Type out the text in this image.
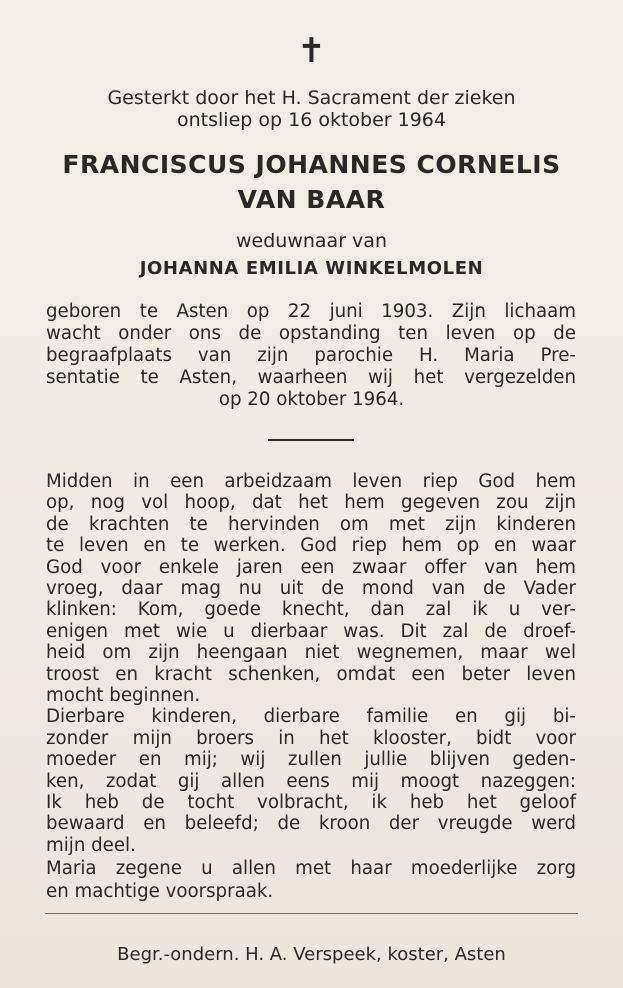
✝
Gesterkt door het H. Sacrament der zieken
ontsliep op 16 oktober 1964
FRANCISCUS JOHANNES CORNELIS
VAN BAAR
weduwnaar van
JOHANNA EMILIA WINKELMOLEN
geboren te Asten op 22 juni 1903. Zijn lichaam
wacht onder ons de opstanding ten leven op de
begraafplaats van zijn parochie H. Maria Pre-
sentatie te Asten, waarheen wij het vergezelden
op 20 oktober 1964.
Midden in een arbeidzaam leven riep God hem
op, nog vol hoop, dat het hem gegeven zou zijn
de krachten te hervinden om met zijn kinderen
te leven en te werken. God riep hem op en waar
God voor enkele jaren een zwaar offer van hem
vroeg, daar mag nu uit de mond van de Vader
klinken: Kom, goede knecht, dan zal ik u ver-
enigen met wie u dierbaar was. Dit zal de droef-
heid om zijn heengaan niet wegnemen, maar wel
troost en kracht schenken, omdat een beter leven
mocht beginnen.
Dierbare kinderen, dierbare familie en gij bi-
zonder mijn broers in het klooster, bidt voor
moeder en mij; wij zullen jullie blijven geden-
ken, zodat gij allen eens mij moogt nazeggen:
Ik heb de tocht volbracht, ik heb het geloof
bewaard en beleefd; de kroon der vreugde werd
mijn deel.
Begr.-ondern. H. A. Verspeek, koster, Asten
Maria zegene u allen met haar moederlijke zorg
en machtige voorspraak.
